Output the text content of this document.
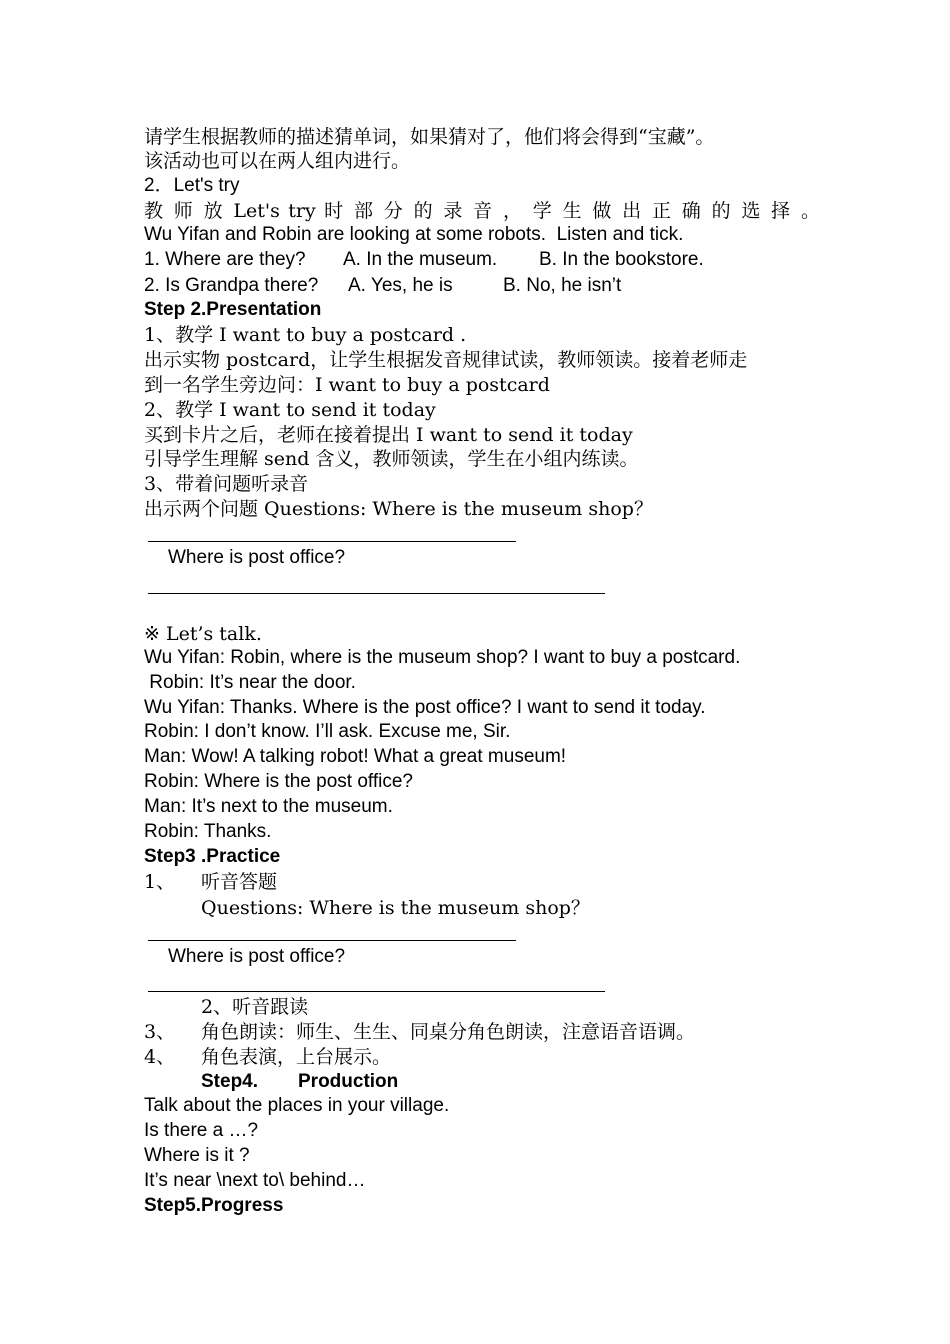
请学生根据教师的描述猜单词，如果猜对了，他们将会得到“宝藏”。
该活动也可以在两人组内进行。
2．Let's try
教 师 放 Let's try 时 部 分 的 录 音 ， 学 生 做 出 正 确 的 选 择 。
Wu Yifan and Robin are looking at some robots.  Listen and tick.
1. Where are they? A. In the museum. B. In the bookstore.
2. Is Grandpa there? A. Yes, he is	B. No, he isn’t
Step 2.Presentation
1、教学 I want to buy a postcard .
出示实物 postcard，让学生根据发音规律试读，教师领读。接着老师走
到一名学生旁边问：I want to buy a postcard
2、教学 I want to send it today
买到卡片之后，老师在接着提出 I want to send it today
引导学生理解 send 含义，教师领读，学生在小组内练读。
3、带着问题听录音
出示两个问题 Questions: Where is the museum shop？
Where is post office?
※ Let’s talk.
Wu Yifan: Robin, where is the museum shop? I want to buy a postcard.
Robin: It’s near the door.
Wu Yifan: Thanks. Where is the post office? I want to send it today.
Robin: I don’t know. I’ll ask. Excuse me, Sir.
Man: Wow! A talking robot! What a great museum!
Robin: Where is the post office?
Man: It’s next to the museum.
Robin: Thanks.
Step3 .Practice
1、 听音答题
Questions: Where is the museum shop？
Where is post office?
2、听音跟读
3、 角色朗读：师生、生生、同桌分角色朗读，注意语音语调。
4、 角色表演，上台展示。
Step4. Production
Talk about the places in your village.
Is there a …?
Where is it ?
It’s near \next to\ behind…
Step5.Progress
